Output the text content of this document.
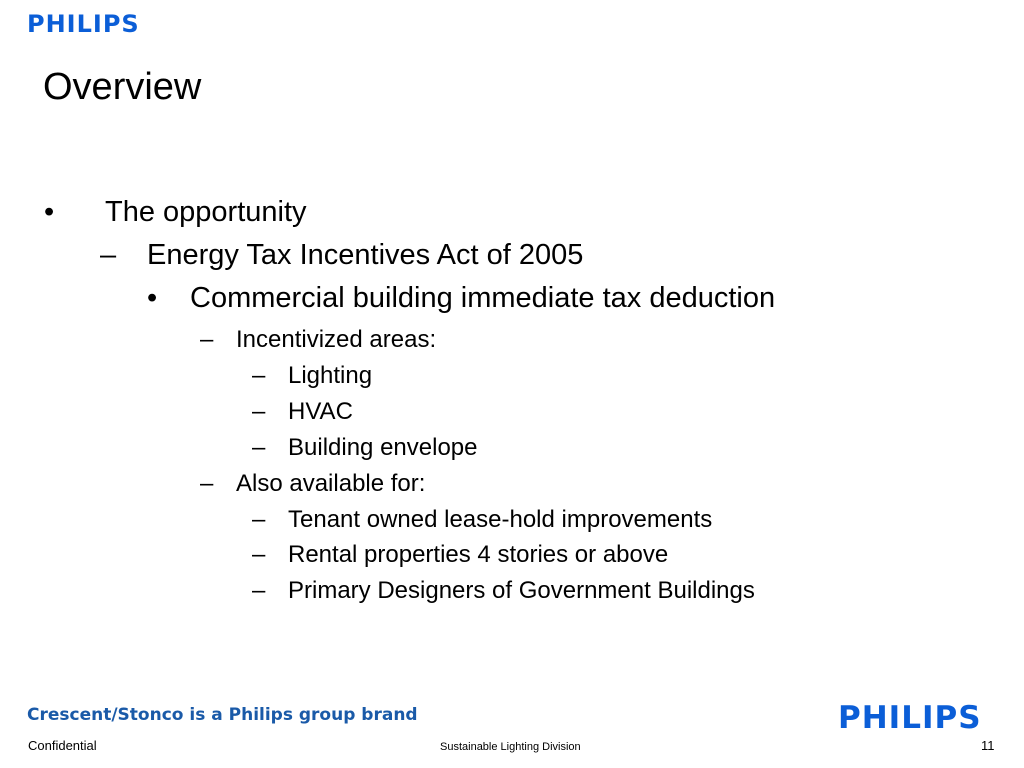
PHILIPS
Overview
• The opportunity
– Energy Tax Incentives Act of 2005
• Commercial building immediate tax deduction
– Incentivized areas:
– Lighting
– HVAC
– Building envelope
– Also available for:
– Tenant owned lease-hold improvements
– Rental properties 4 stories or above
– Primary Designers of Government Buildings
Crescent/Stonco is a Philips group brand	PHILIPS
Confidential	Sustainable Lighting Division	11
